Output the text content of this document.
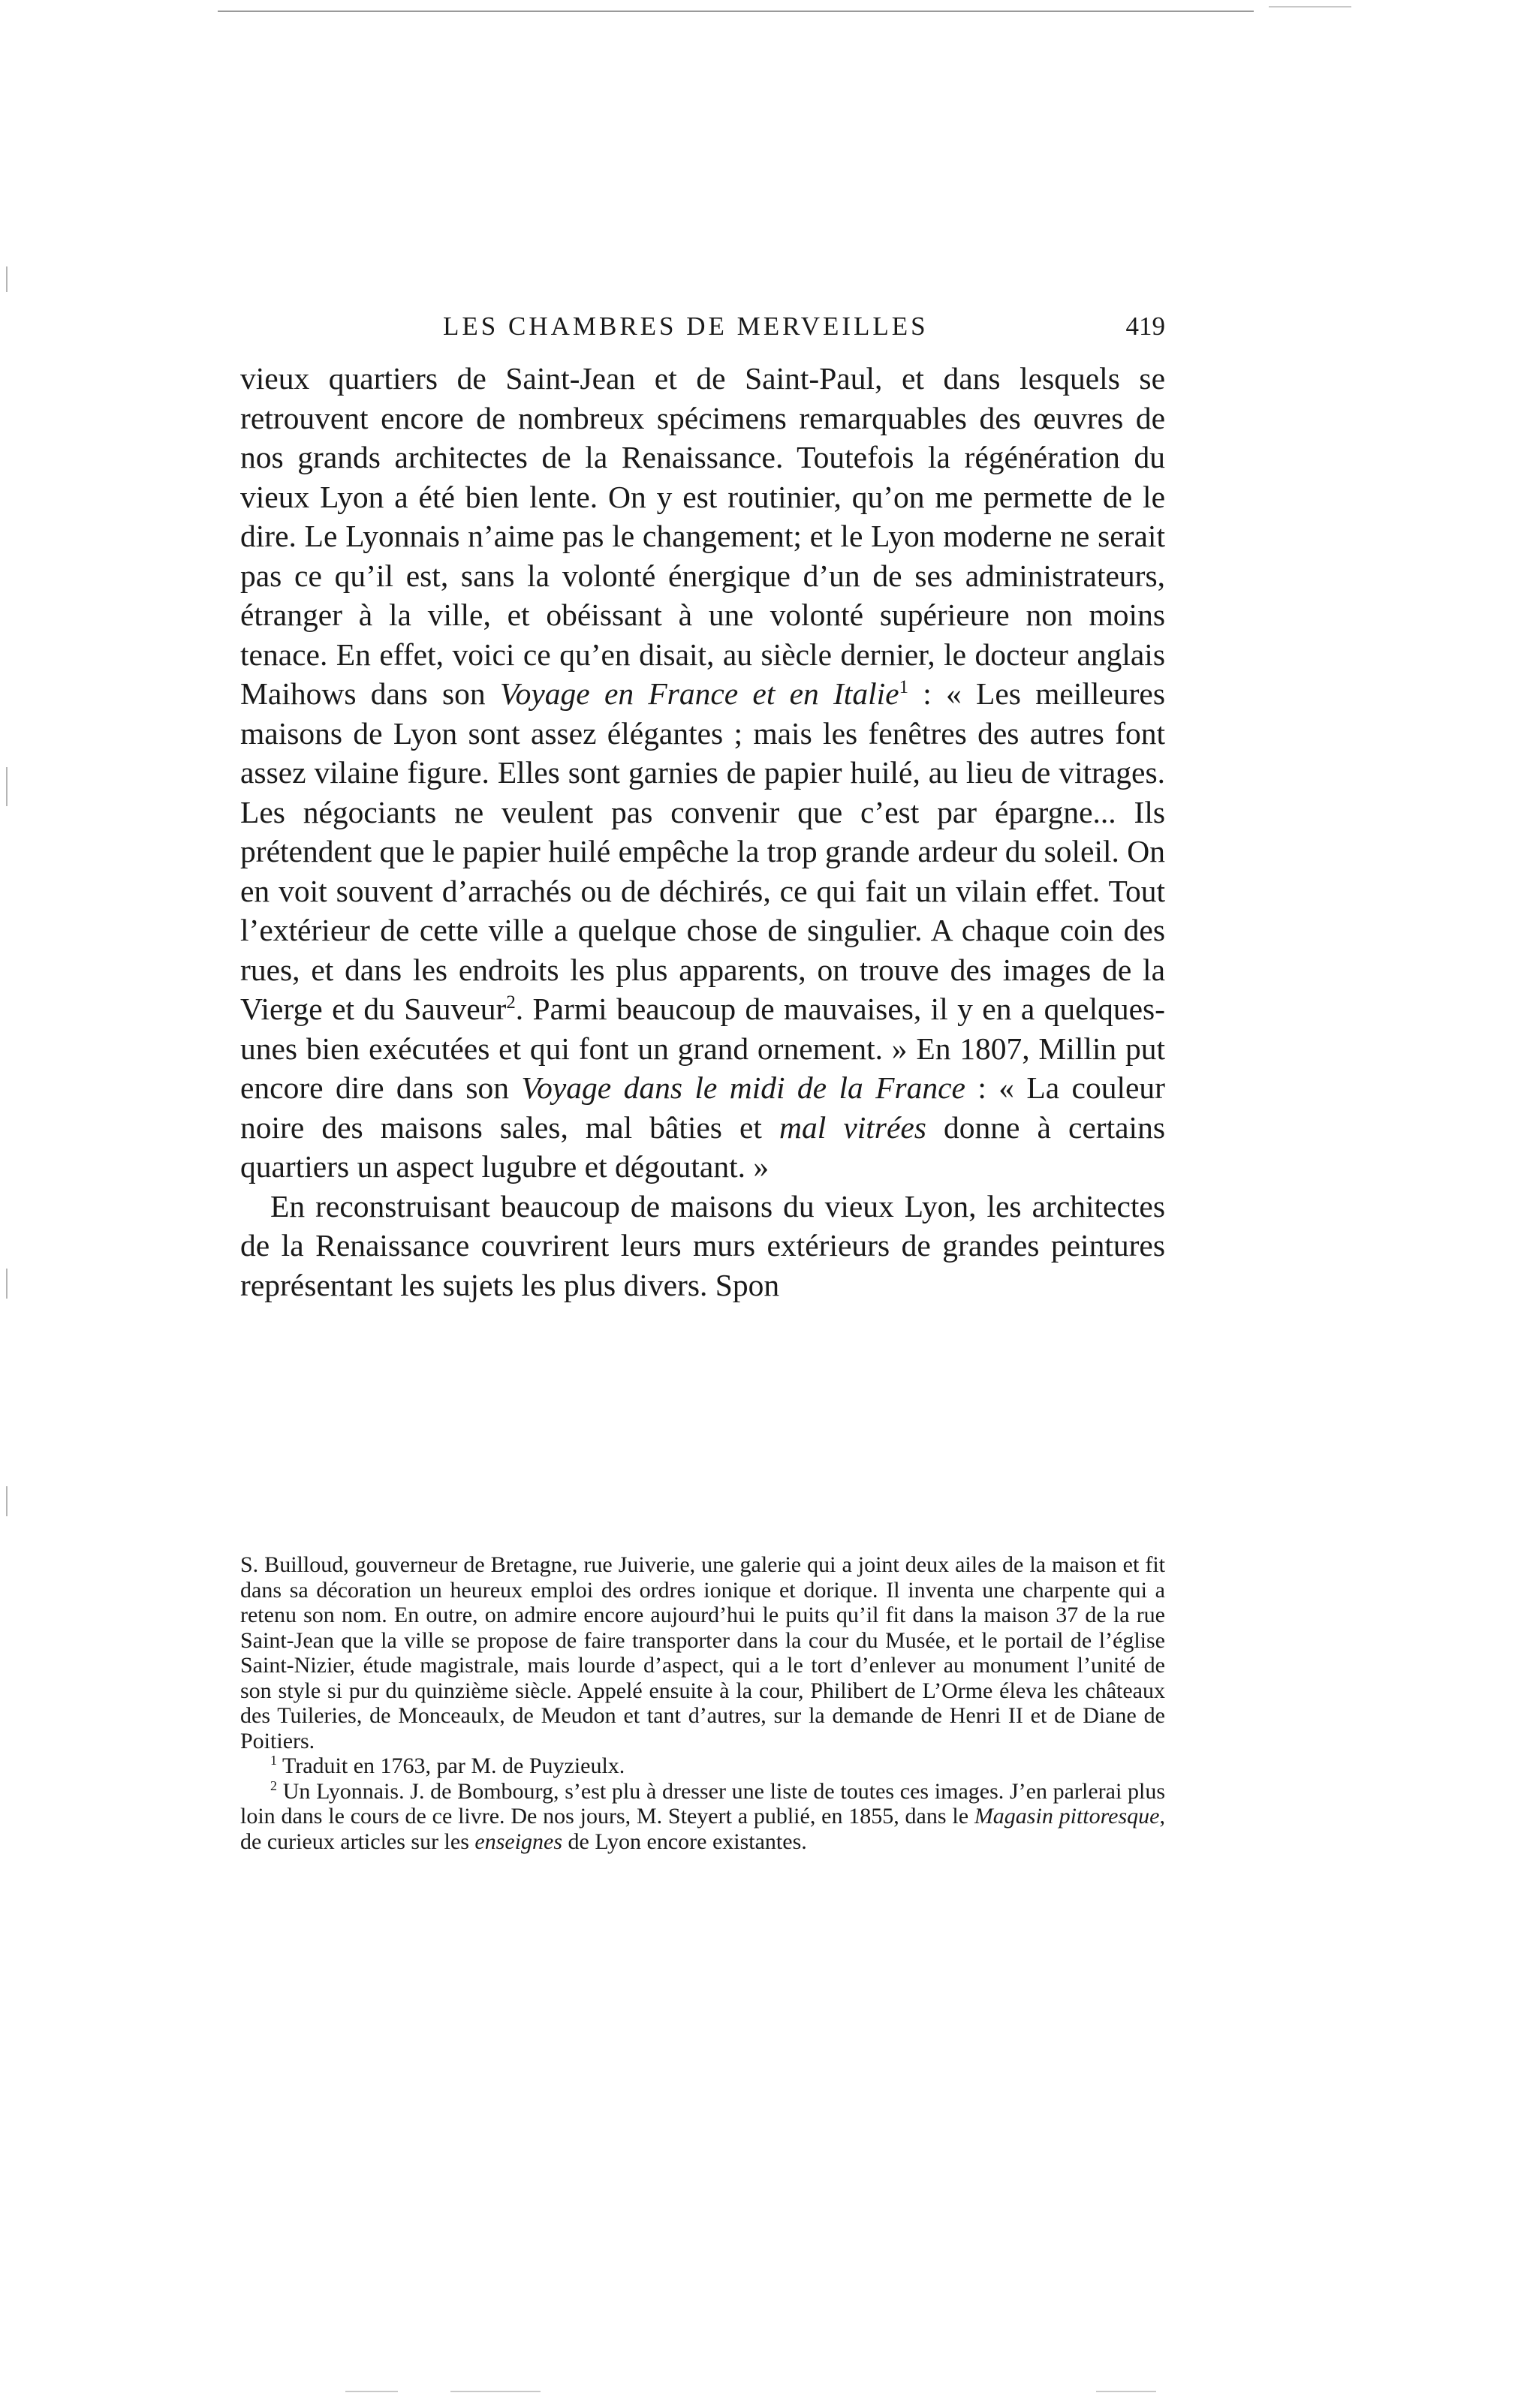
LES CHAMBRES DE MERVEILLES	419

vieux quartiers de Saint-Jean et de Saint-Paul, et dans lesquels se retrouvent encore de nombreux spécimens remarquables des œuvres de nos grands architectes de la Renaissance. Toutefois la régénération du vieux Lyon a été bien lente. On y est routinier, qu’on me permette de le dire. Le Lyonnais n’aime pas le changement; et le Lyon moderne ne serait pas ce qu’il est, sans la volonté énergique d’un de ses administrateurs, étranger à la ville, et obéissant à une volonté supérieure non moins tenace. En effet, voici ce qu’en disait, au siècle dernier, le docteur anglais Maihows dans son Voyage en France et en Italie$^1$ : « Les meilleures maisons de Lyon sont assez élégantes ; mais les fenêtres des autres font assez vilaine figure. Elles sont garnies de papier huilé, au lieu de vitrages. Les négociants ne veulent pas convenir que c’est par épargne... Ils prétendent que le papier huilé empêche la trop grande ardeur du soleil. On en voit souvent d’arrachés ou de déchirés, ce qui fait un vilain effet. Tout l’extérieur de cette ville a quelque chose de singulier. A chaque coin des rues, et dans les endroits les plus apparents, on trouve des images de la Vierge et du Sauveur$^2$. Parmi beaucoup de mauvaises, il y en a quelques-unes bien exécutées et qui font un grand ornement. » En 1807, Millin put encore dire dans son Voyage dans le midi de la France : « La couleur noire des maisons sales, mal bâties et mal vitrées donne à certains quartiers un aspect lugubre et dégoutant. »

En reconstruisant beaucoup de maisons du vieux Lyon, les architectes de la Renaissance couvrirent leurs murs extérieurs de grandes peintures représentant les sujets les plus divers. Spon

S. Builloud, gouverneur de Bretagne, rue Juiverie, une galerie qui a joint deux ailes de la maison et fit dans sa décoration un heureux emploi des ordres ionique et dorique. Il inventa une charpente qui a retenu son nom. En outre, on admire encore aujourd’hui le puits qu’il fit dans la maison 37 de la rue Saint-Jean que la ville se propose de faire transporter dans la cour du Musée, et le portail de l’église Saint-Nizier, étude magistrale, mais lourde d’aspect, qui a le tort d’enlever au monument l’unité de son style si pur du quinzième siècle. Appelé ensuite à la cour, Philibert de L’Orme éleva les châteaux des Tuileries, de Monceaulx, de Meudon et tant d’autres, sur la demande de Henri II et de Diane de Poitiers.

$^1$ Traduit en 1763, par M. de Puyzieulx.

$^2$ Un Lyonnais. J. de Bombourg, s’est plu à dresser une liste de toutes ces images. J’en parlerai plus loin dans le cours de ce livre. De nos jours, M. Steyert a publié, en 1855, dans le Magasin pittoresque, de curieux articles sur les enseignes de Lyon encore existantes.
